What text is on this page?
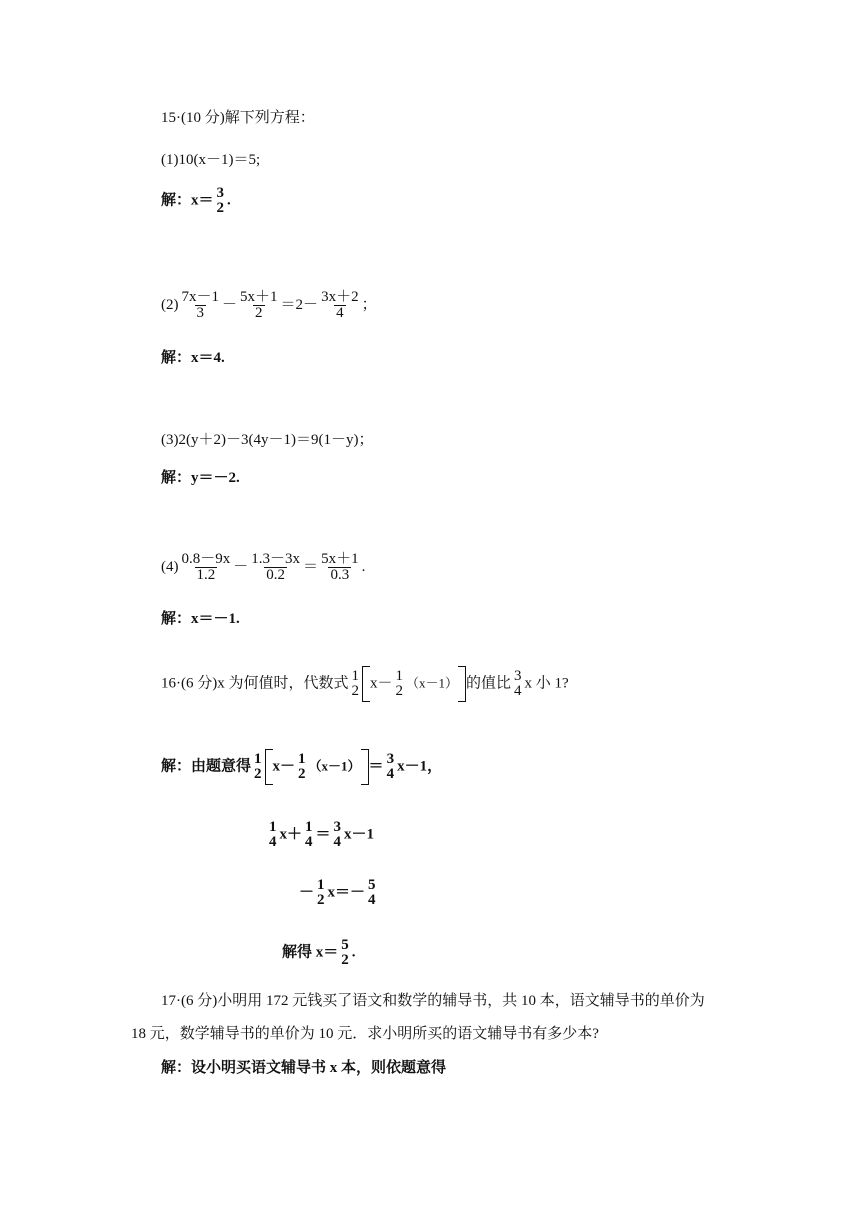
15·(10 分)解下列方程：
(1)10(x－1)＝5;
解：x＝ 3
2 .
$(2) \frac{7x-1}{3} - \frac{5x+1}{2} =2- \frac{3x+2}{4}$ ；
解：x＝4.
(3)2(y＋2)－3(4y－1)＝9(1－y)；
解：y＝－2.
$(4) \frac{0.8-9x}{1.2} - \frac{1.3-3x}{0.2} = \frac{5x+1}{0.3}$ .
解：x＝－1.
16·(6 分)x 为何值时，代数式 1
2 x－ 1
2
（x－1） 的值比 3
4 x 小 1?
解：由题意得 1
2 x－ 1
2
（x－1） ＝ 3
4 x－1，
1
4 x＋ 1
4 ＝ 3
4 x－1
－ 1
2 x＝－ 5
4
解得 x＝ 5
2 .
17·(6 分)小明用 172 元钱买了语文和数学的辅导书，共 10 本，语文辅导书的单价为
18 元，数学辅导书的单价为 10 元．求小明所买的语文辅导书有多少本?
解：设小明买语文辅导书 x 本，则依题意得
